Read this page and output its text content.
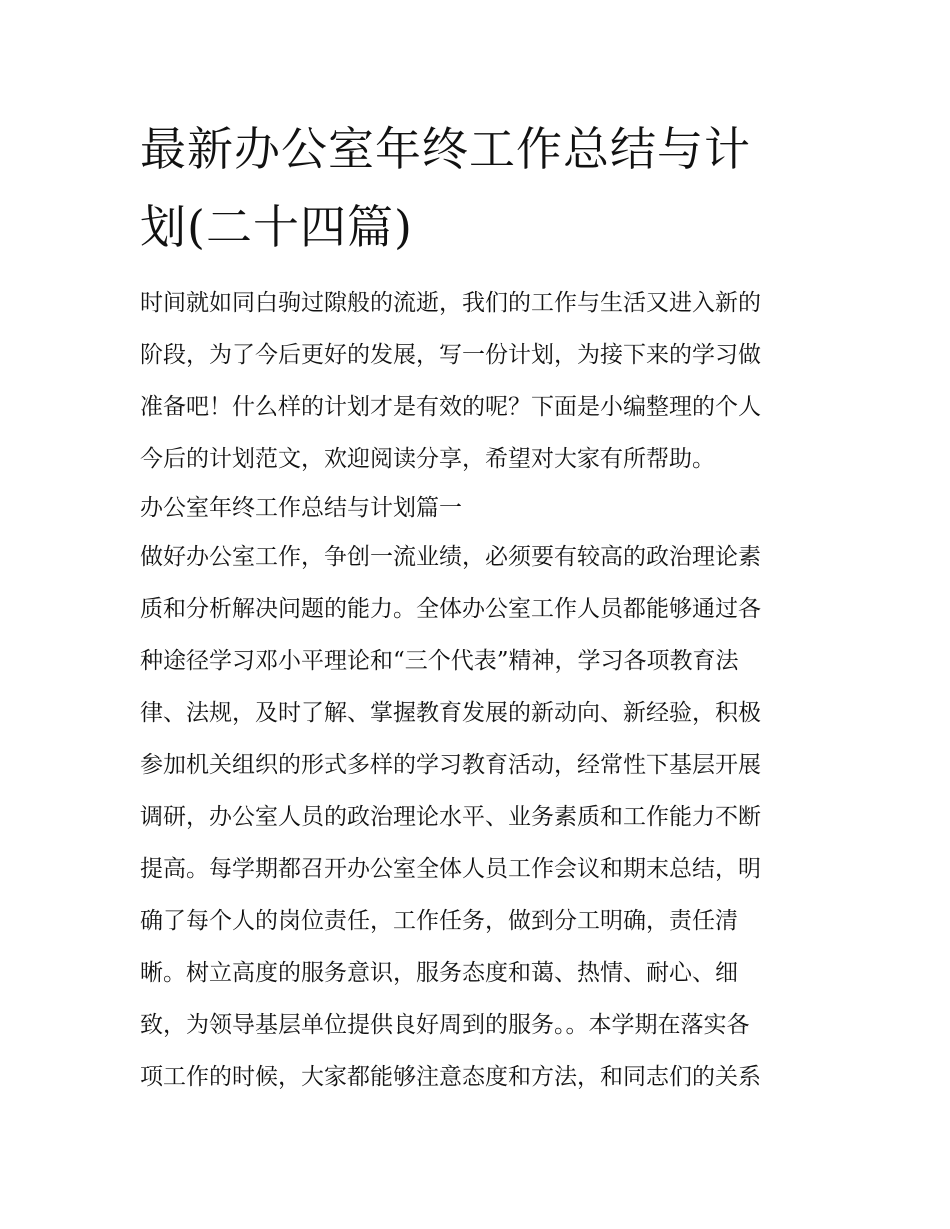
最新办公室年终工作总结与计
划(二十四篇)
时间就如同白驹过隙般的流逝，我们的工作与生活又进入新的
阶段，为了今后更好的发展，写一份计划，为接下来的学习做
准备吧！什么样的计划才是有效的呢？下面是小编整理的个人
今后的计划范文，欢迎阅读分享，希望对大家有所帮助。
办公室年终工作总结与计划篇一
做好办公室工作，争创一流业绩，必须要有较高的政治理论素
质和分析解决问题的能力。全体办公室工作人员都能够通过各
种途径学习邓小平理论和“三个代表”精神，学习各项教育法
律、法规，及时了解、掌握教育发展的新动向、新经验，积极
参加机关组织的形式多样的学习教育活动，经常性下基层开展
调研，办公室人员的政治理论水平、业务素质和工作能力不断
提高。每学期都召开办公室全体人员工作会议和期末总结，明
确了每个人的岗位责任，工作任务，做到分工明确，责任清
晰。树立高度的服务意识，服务态度和蔼、热情、耐心、细
致，为领导基层单位提供良好周到的服务。。本学期在落实各
项工作的时候，大家都能够注意态度和方法，和同志们的关系
